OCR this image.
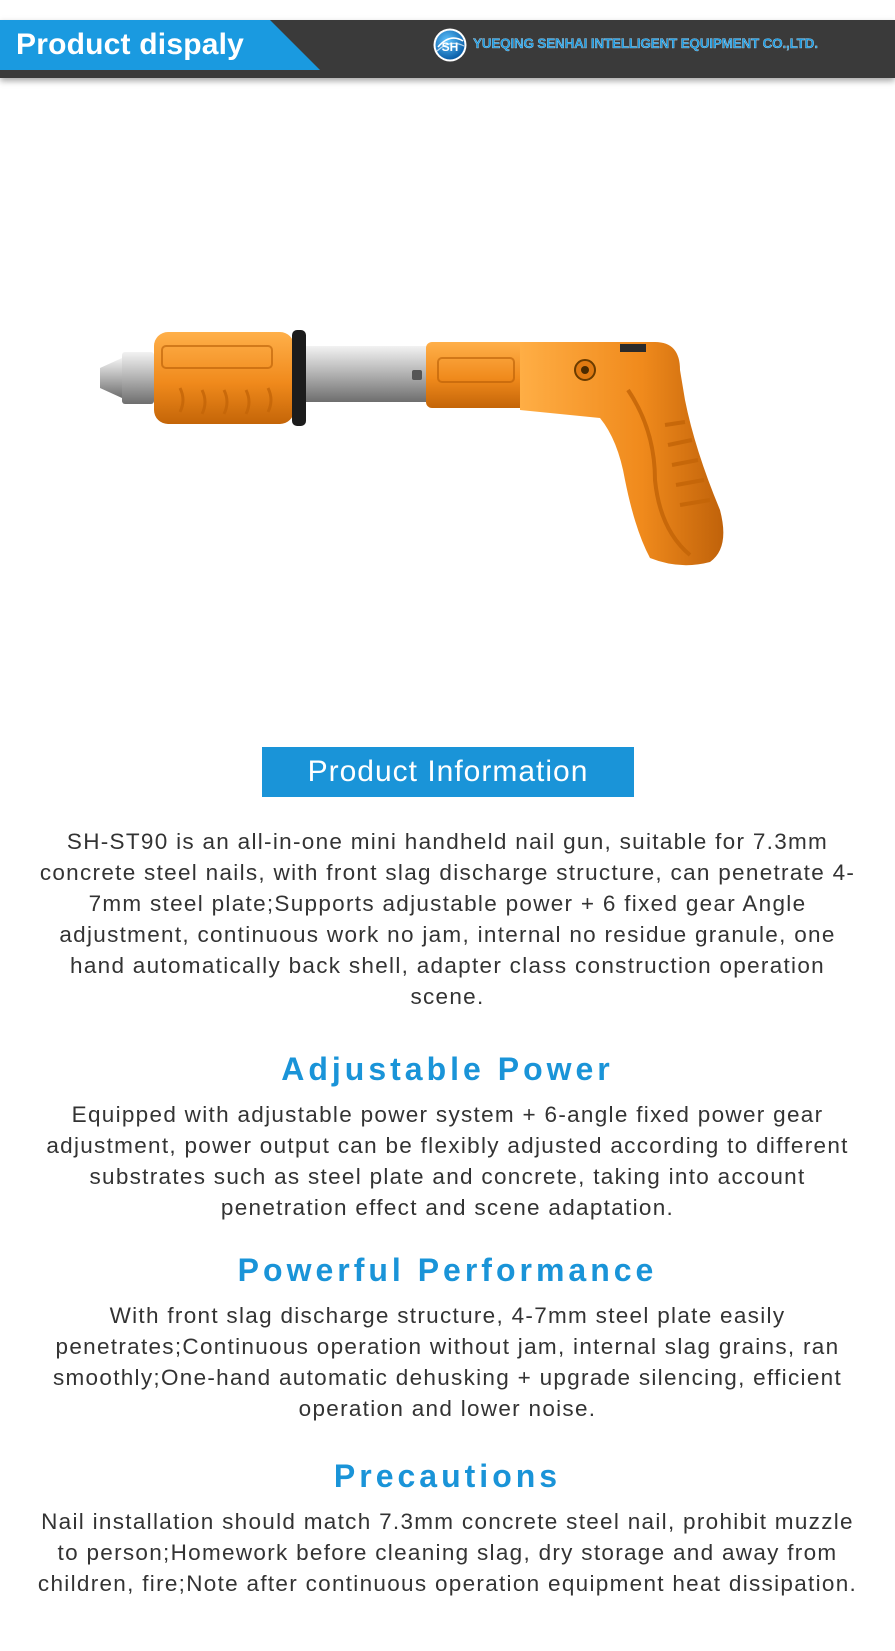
Product dispaly	SH YUEQING SENHAI INTELLIGENT EQUIPMENT CO.,LTD.
Product Information
SH-ST90 is an all-in-one mini handheld nail gun, suitable for 7.3mm concrete steel nails, with front slag discharge structure, can penetrate 4-7mm steel plate;Supports adjustable power + 6 fixed gear Angle adjustment, continuous work no jam, internal no residue granule, one hand automatically back shell, adapter class construction operation scene.
Adjustable Power
Equipped with adjustable power system + 6-angle fixed power gear adjustment, power output can be flexibly adjusted according to different substrates such as steel plate and concrete, taking into account penetration effect and scene adaptation.
Powerful Performance
With front slag discharge structure, 4-7mm steel plate easily penetrates;Continuous operation without jam, internal slag grains, ran smoothly;One-hand automatic dehusking + upgrade silencing, efficient operation and lower noise.
Precautions
Nail installation should match 7.3mm concrete steel nail, prohibit muzzle to person;Homework before cleaning slag, dry storage and away from children, fire;Note after continuous operation equipment heat dissipation.
